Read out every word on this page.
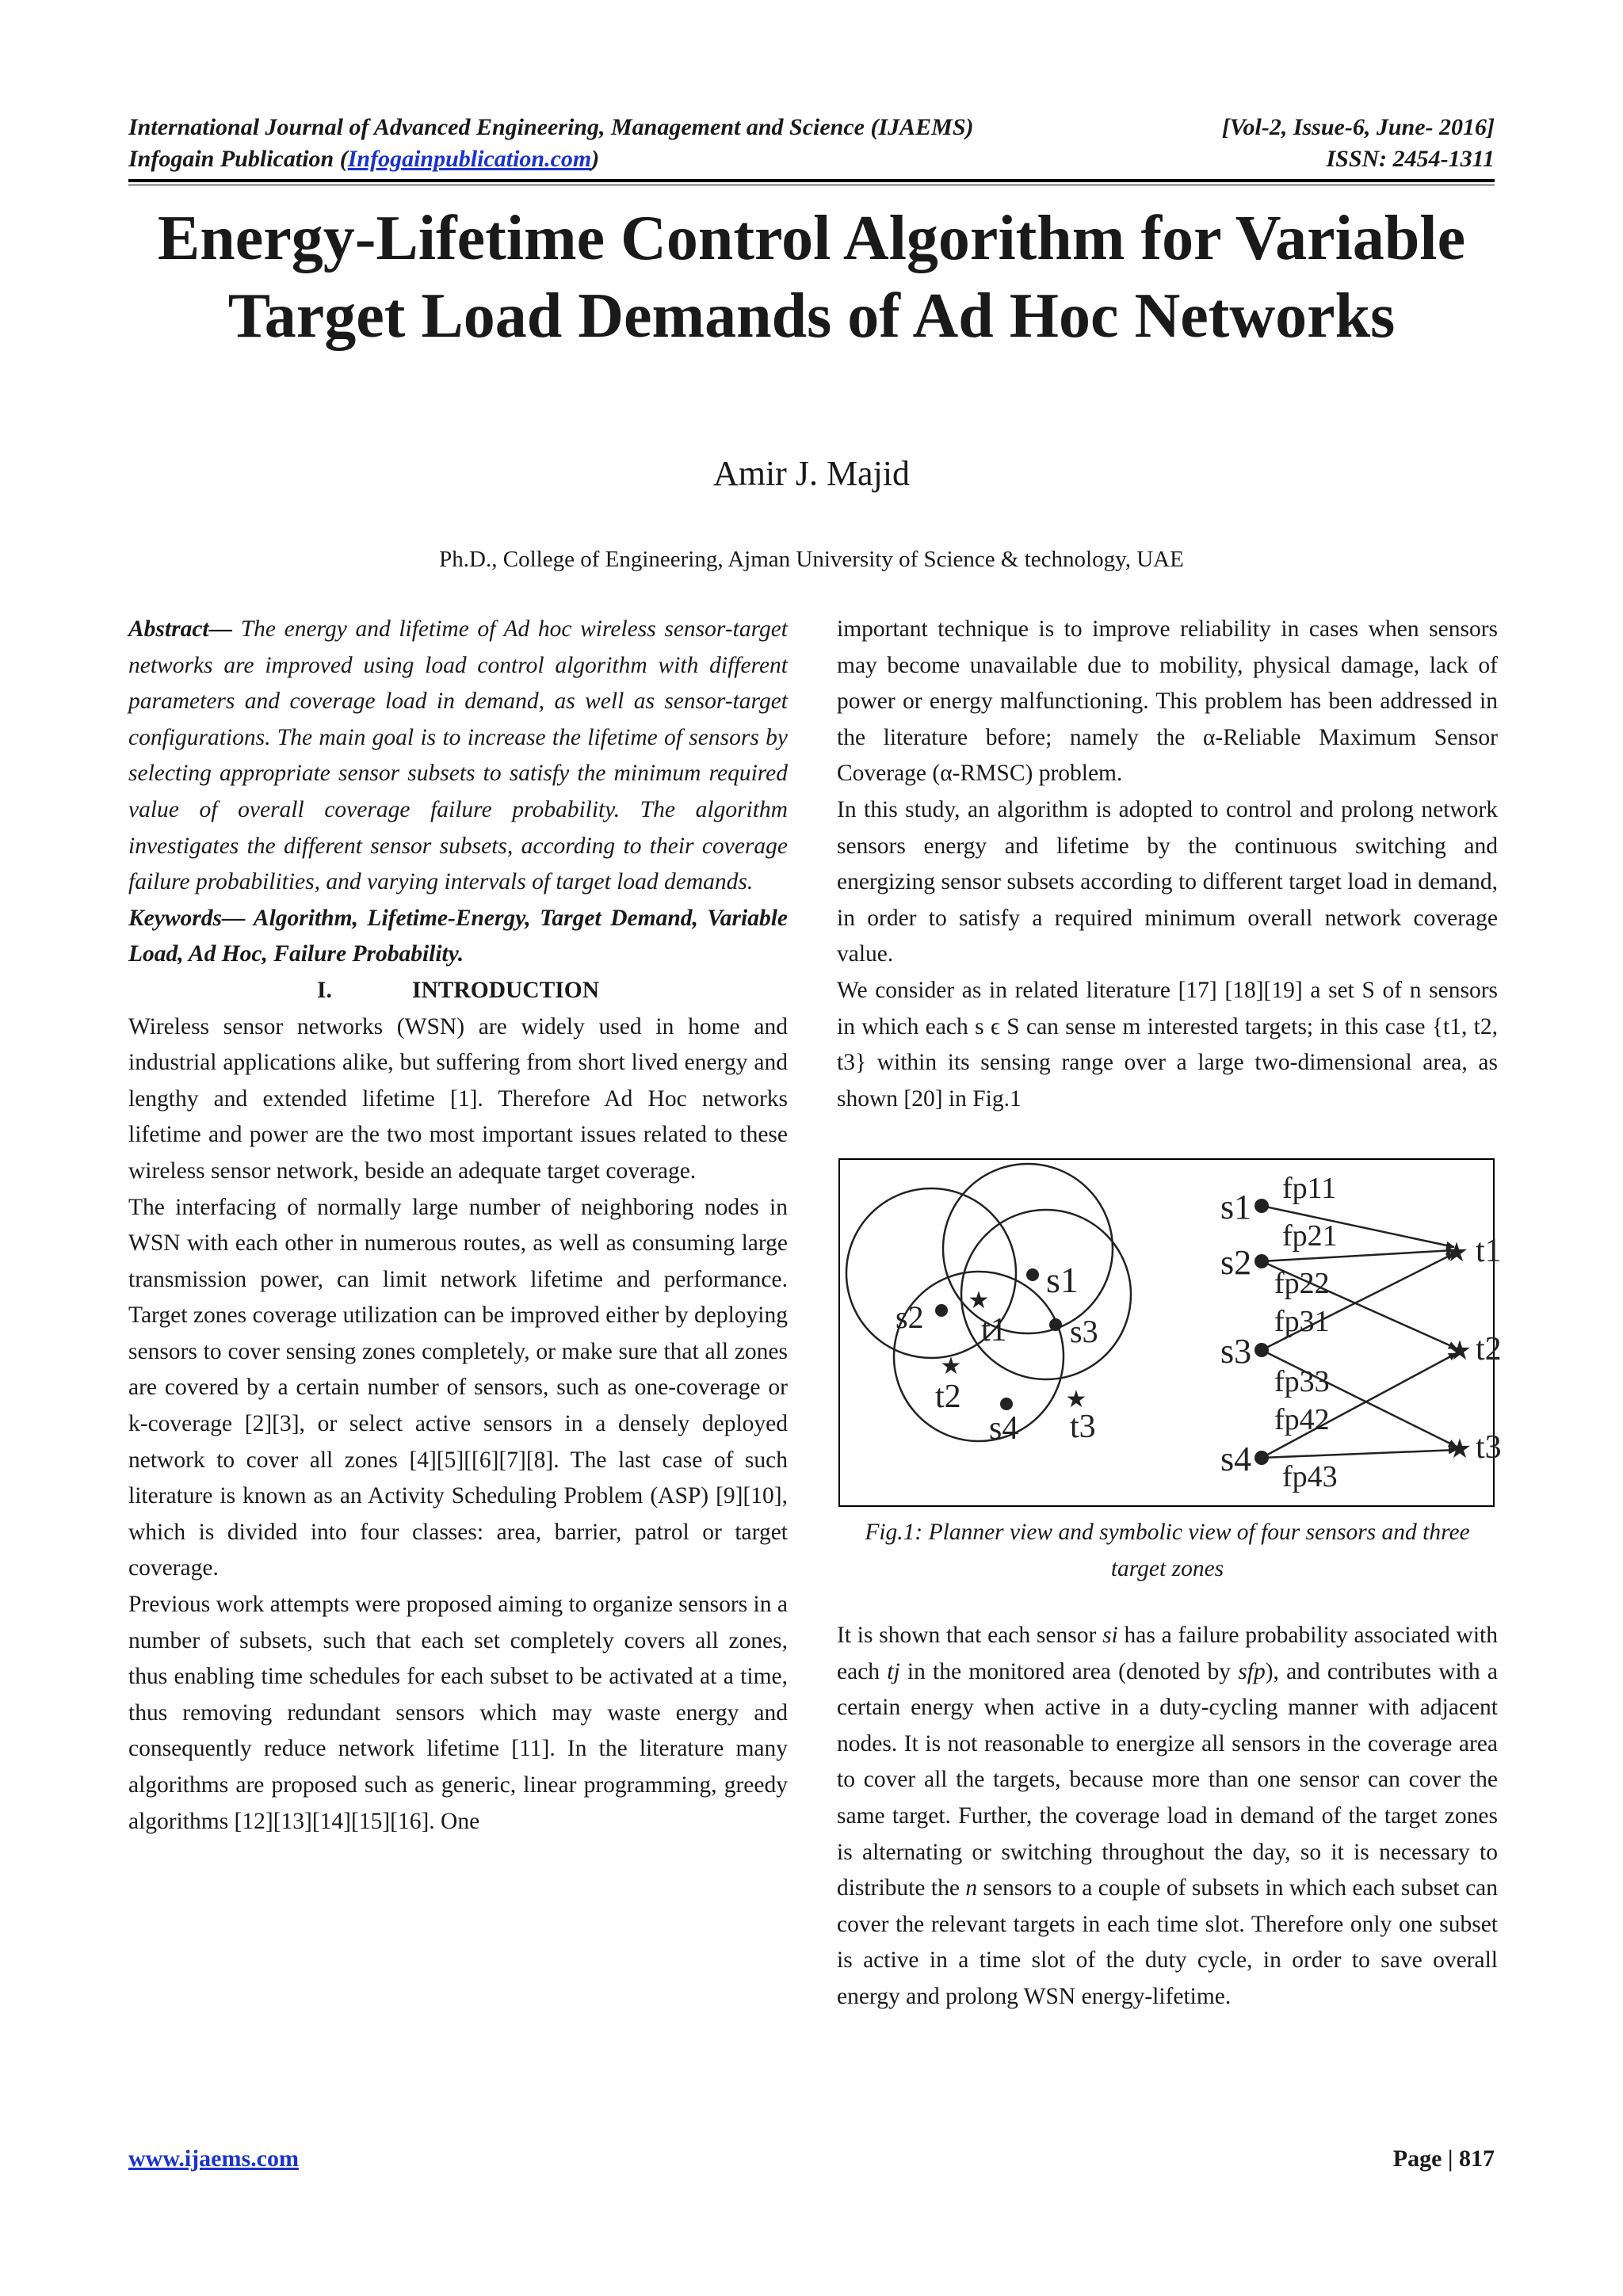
International Journal of Advanced Engineering, Management and Science (IJAEMS)	[Vol-2, Issue-6, June- 2016]
Infogain Publication (Infogainpublication.com)	ISSN: 2454-1311
Energy-Lifetime Control Algorithm for Variable Target Load Demands of Ad Hoc Networks
Amir J. Majid
Ph.D., College of Engineering, Ajman University of Science & technology, UAE

Abstract— The energy and lifetime of Ad hoc wireless sensor-target networks are improved using load control algorithm with different parameters and coverage load in demand, as well as sensor-target configurations. The main goal is to increase the lifetime of sensors by selecting appropriate sensor subsets to satisfy the minimum required value of overall coverage failure probability. The algorithm investigates the different sensor subsets, according to their coverage failure probabilities, and varying intervals of target load demands.

Keywords— Algorithm, Lifetime-Energy, Target Demand, Variable Load, Ad Hoc, Failure Probability.

I.	INTRODUCTION

Wireless sensor networks (WSN) are widely used in home and industrial applications alike, but suffering from short lived energy and lengthy and extended lifetime [1]. Therefore Ad Hoc networks lifetime and power are the two most important issues related to these wireless sensor network, beside an adequate target coverage.

The interfacing of normally large number of neighboring nodes in WSN with each other in numerous routes, as well as consuming large transmission power, can limit network lifetime and performance. Target zones coverage utilization can be improved either by deploying sensors to cover sensing zones completely, or make sure that all zones are covered by a certain number of sensors, such as one-coverage or k-coverage [2][3], or select active sensors in a densely deployed network to cover all zones [4][5][[6][7][8]. The last case of such literature is known as an Activity Scheduling Problem (ASP) [9][10], which is divided into four classes: area, barrier, patrol or target coverage.

Previous work attempts were proposed aiming to organize sensors in a number of subsets, such that each set completely covers all zones, thus enabling time schedules for each subset to be activated at a time, thus removing redundant sensors which may waste energy and consequently reduce network lifetime [11]. In the literature many algorithms are proposed such as generic, linear programming, greedy algorithms [12][13][14][15][16]. One

important technique is to improve reliability in cases when sensors may become unavailable due to mobility, physical damage, lack of power or energy malfunctioning. This problem has been addressed in the literature before; namely the α-Reliable Maximum Sensor Coverage (α-RMSC) problem.

In this study, an algorithm is adopted to control and prolong network sensors energy and lifetime by the continuous switching and energizing sensor subsets according to different target load in demand, in order to satisfy a required minimum overall network coverage value.

We consider as in related literature [17] [18][19] a set S of n sensors in which each s ϵ S can sense m interested targets; in this case {t1, t2, t3} within its sensing range over a large two-dimensional area, as shown [20] in Fig.1

s1
s2	s3
s4
★
t1
★
t2	★
t3
s1
s2
s3
s4
★
★
★
t1
t2
t3
fp11
fp21
fp22
fp31
fp33
fp42
fp43
Fig.1: Planner view and symbolic view of four sensors and three target zones

It is shown that each sensor si has a failure probability associated with each tj in the monitored area (denoted by sfp), and contributes with a certain energy when active in a duty-cycling manner with adjacent nodes. It is not reasonable to energize all sensors in the coverage area to cover all the targets, because more than one sensor can cover the same target. Further, the coverage load in demand of the target zones is alternating or switching throughout the day, so it is necessary to distribute the n sensors to a couple of subsets in which each subset can cover the relevant targets in each time slot. Therefore only one subset is active in a time slot of the duty cycle, in order to save overall energy and prolong WSN energy-lifetime.

www.ijaems.com	Page | 817
